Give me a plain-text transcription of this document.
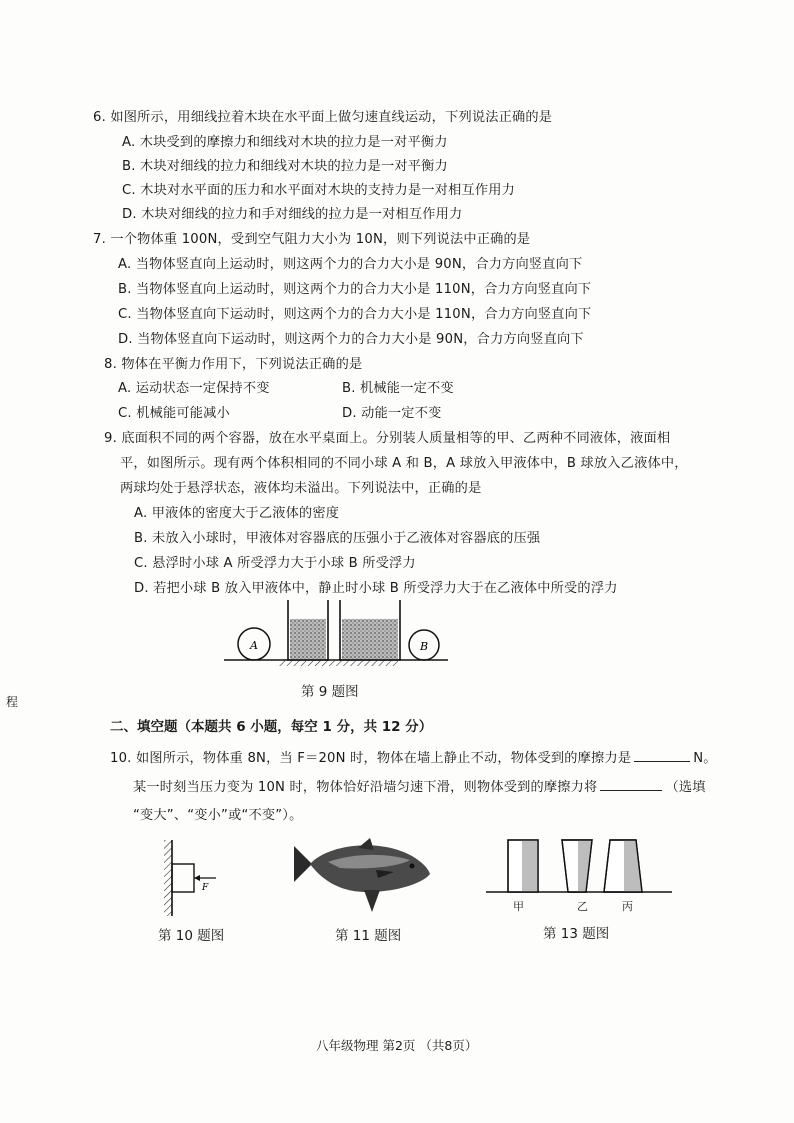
6. 如图所示，用细线拉着木块在水平面上做匀速直线运动，下列说法正确的是
A. 木块受到的摩擦力和细线对木块的拉力是一对平衡力
B. 木块对细线的拉力和细线对木块的拉力是一对平衡力
C. 木块对水平面的压力和水平面对木块的支持力是一对相互作用力
D. 木块对细线的拉力和手对细线的拉力是一对相互作用力
7. 一个物体重 100N，受到空气阻力大小为 10N，则下列说法中正确的是
A. 当物体竖直向上运动时，则这两个力的合力大小是 90N，合力方向竖直向下
B. 当物体竖直向上运动时，则这两个力的合力大小是 110N，合力方向竖直向下
C. 当物体竖直向下运动时，则这两个力的合力大小是 110N，合力方向竖直向下
D. 当物体竖直向下运动时，则这两个力的合力大小是 90N，合力方向竖直向下
8. 物体在平衡力作用下，下列说法正确的是
A. 运动状态一定保持不变	B. 机械能一定不变
C. 机械能可能减小	D. 动能一定不变
9. 底面积不同的两个容器，放在水平桌面上。分别装人质量相等的甲、乙两种不同液体，液面相
平，如图所示。现有两个体积相同的不同小球 A 和 B，A 球放入甲液体中，B 球放入乙液体中，
两球均处于悬浮状态，液体均未溢出。下列说法中，正确的是
A. 甲液体的密度大于乙液体的密度
B. 未放入小球时，甲液体对容器底的压强小于乙液体对容器底的压强
C. 悬浮时小球 A 所受浮力大于小球 B 所受浮力
D. 若把小球 B 放入甲液体中，静止时小球 B 所受浮力大于在乙液体中所受的浮力
A	B
第 9 题图
程
二、填空题（本题共 6 小题，每空 1 分，共 12 分）
10. 如图所示，物体重 8N，当 F＝20N 时，物体在墙上静止不动，物体受到的摩擦力是	N。
某一时刻当压力变为 10N 时，物体恰好沿墙匀速下滑，则物体受到的摩擦力将	（选填
“变大”、“变小”或“不变”）。
F
第 10 题图	第 11 题图
甲	乙	丙
第 13 题图
八年级物理 第2页 （共8页）
